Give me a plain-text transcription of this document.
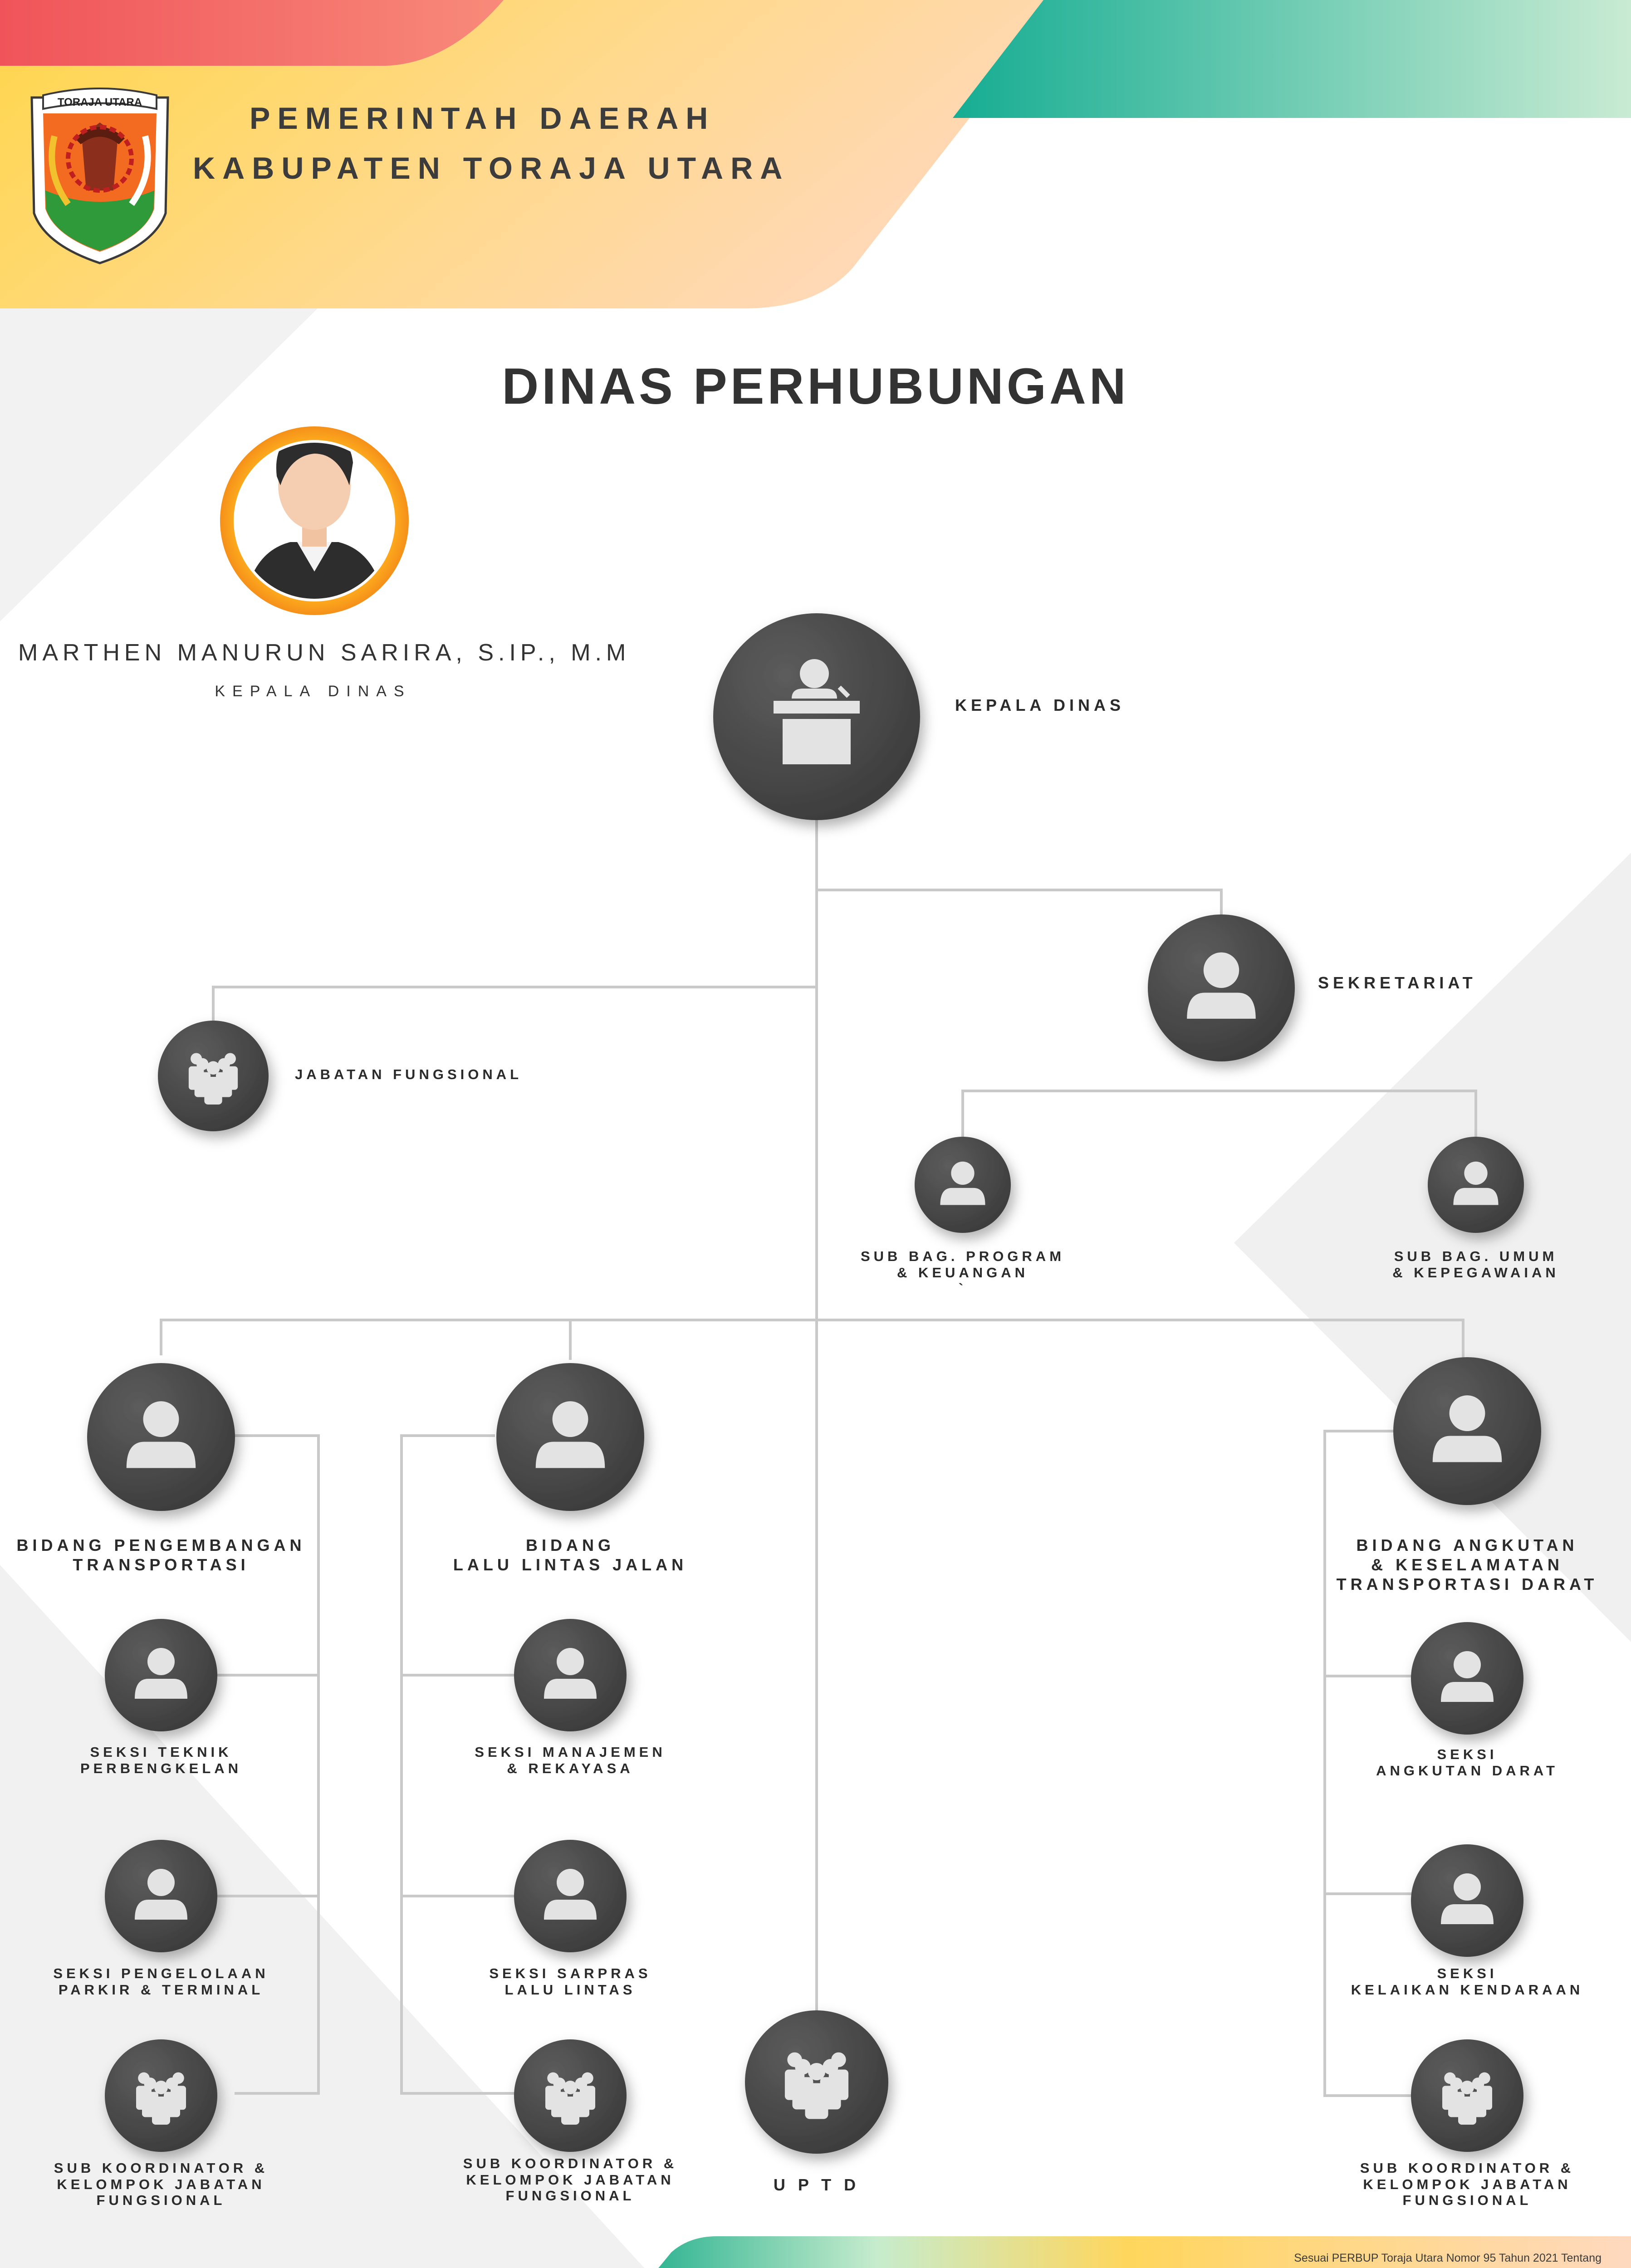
TORAJA UTARA	PEMERINTAH DAERAH
KABUPATEN TORAJA UTARA
DINAS PERHUBUNGAN
MARTHEN MANURUN SARIRA, S.IP., M.M
KEPALA DINAS
KEPALA DINAS
SEKRETARIAT
JABATAN FUNGSIONAL
SUB BAG. PROGRAM
& KEUANGAN
`
SUB BAG. UMUM
& KEPEGAWAIAN
BIDANG PENGEMBANGAN
TRANSPORTASI
BIDANG
LALU LINTAS JALAN
BIDANG ANGKUTAN
& KESELAMATAN
TRANSPORTASI DARAT
SEKSI TEKNIK
PERBENGKELAN
SEKSI PENGELOLAAN
PARKIR & TERMINAL
SUB KOORDINATOR &
KELOMPOK JABATAN
FUNGSIONAL
SEKSI MANAJEMEN
& REKAYASA
SEKSI SARPRAS
LALU LINTAS
SUB KOORDINATOR &
KELOMPOK JABATAN
FUNGSIONAL
U P T D
SEKSI
ANGKUTAN DARAT
SEKSI
KELAIKAN KENDARAAN
SUB KOORDINATOR &
KELOMPOK JABATAN
FUNGSIONAL
Sesuai PERBUP Toraja Utara Nomor 95 Tahun 2021 Tentang
